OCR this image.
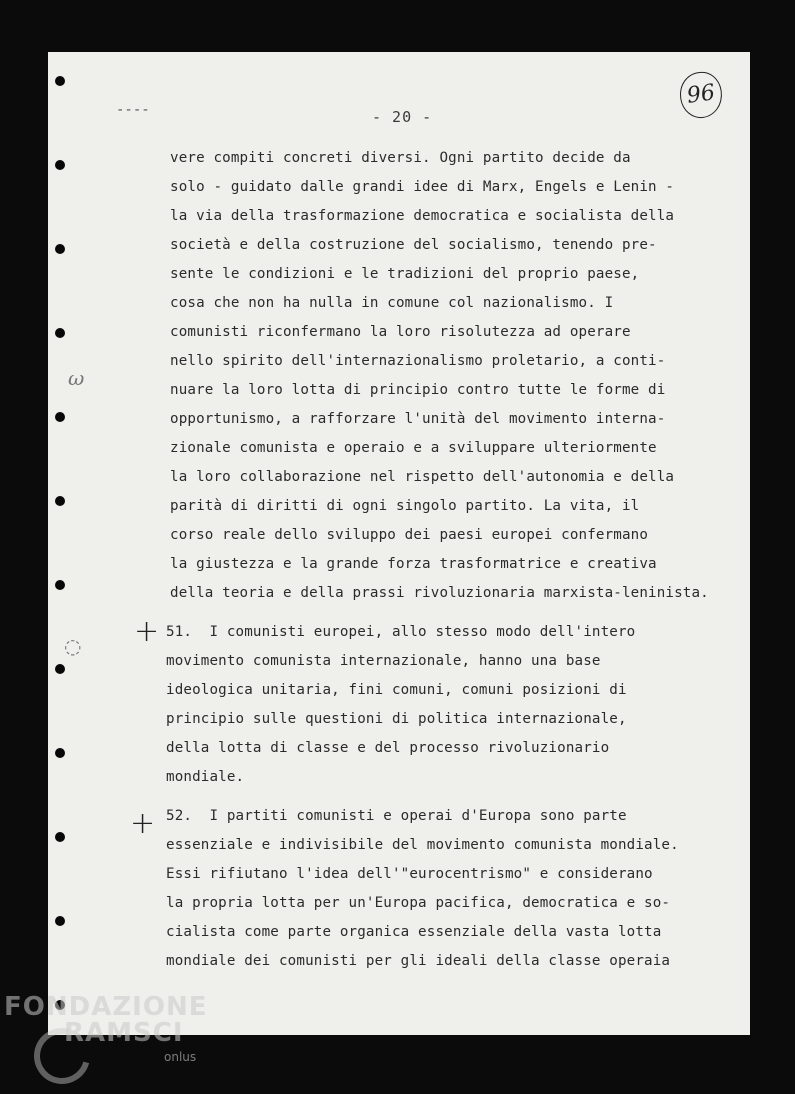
----	- 20 -
96
ω
◌ +
+
vere compiti concreti diversi. Ogni partito decide da
solo - guidato dalle grandi idee di Marx, Engels e Lenin -
la via della trasformazione democratica e socialista della
società e della costruzione del socialismo, tenendo pre-
sente le condizioni e le tradizioni del proprio paese,
cosa che non ha nulla in comune col nazionalismo. I
comunisti riconfermano la loro risolutezza ad operare
nello spirito dell'internazionalismo proletario, a conti-
nuare la loro lotta di principio contro tutte le forme di
opportunismo, a rafforzare l'unità del movimento interna-
zionale comunista e operaio e a sviluppare ulteriormente
la loro collaborazione nel rispetto dell'autonomia e della
parità di diritti di ogni singolo partito. La vita, il
corso reale dello sviluppo dei paesi europei confermano
la giustezza e la grande forza trasformatrice e creativa
della teoria e della prassi rivoluzionaria marxista-leninista.
51.  I comunisti europei, allo stesso modo dell'intero
movimento comunista internazionale, hanno una base
ideologica unitaria, fini comuni, comuni posizioni di
principio sulle questioni di politica internazionale,
della lotta di classe e del processo rivoluzionario
mondiale.
52.  I partiti comunisti e operai d'Europa sono parte
essenziale e indivisibile del movimento comunista mondiale.
Essi rifiutano l'idea dell'"eurocentrismo" e considerano
la propria lotta per un'Europa pacifica, democratica e so-
cialista come parte organica essenziale della vasta lotta
mondiale dei comunisti per gli ideali della classe operaia
FONDAZIONE
RAMSCI
onlus
